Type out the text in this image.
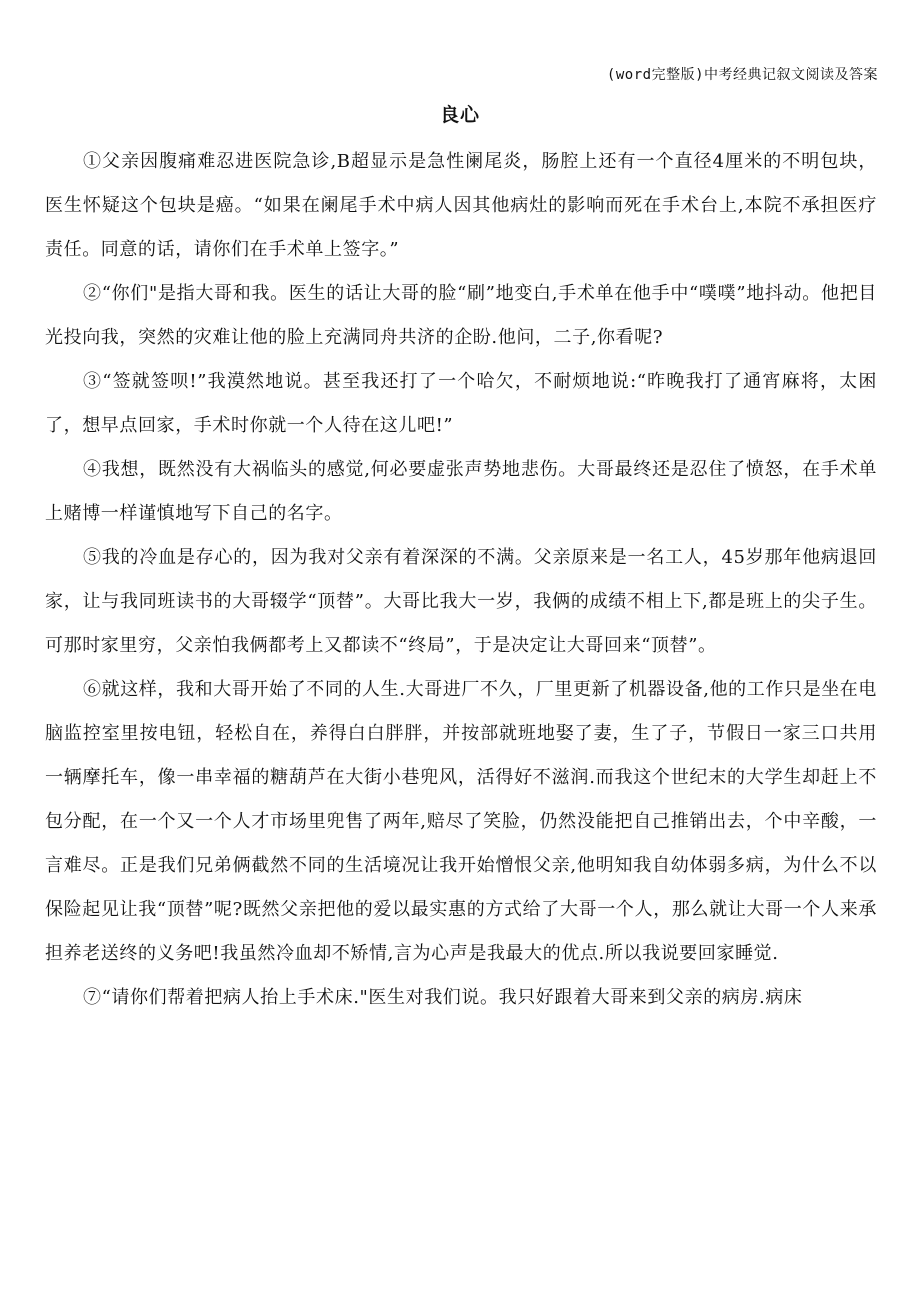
(word完整版)中考经典记叙文阅读及答案
良心

①父亲因腹痛难忍进医院急诊,B超显示是急性阑尾炎，肠腔上还有一个直径4厘米的不明包块，医生怀疑这个包块是癌。“如果在阑尾手术中病人因其他病灶的影响而死在手术台上,本院不承担医疗责任。同意的话，请你们在手术单上签字。”

②“你们"是指大哥和我。医生的话让大哥的脸“刷”地变白,手术单在他手中“噗噗”地抖动。他把目光投向我，突然的灾难让他的脸上充满同舟共济的企盼.他问，二子,你看呢?

③“签就签呗!”我漠然地说。甚至我还打了一个哈欠，不耐烦地说:“昨晚我打了通宵麻将，太困了，想早点回家，手术时你就一个人待在这儿吧!”

④我想，既然没有大祸临头的感觉,何必要虚张声势地悲伤。大哥最终还是忍住了愤怒，在手术单上赌博一样谨慎地写下自己的名字。

⑤我的冷血是存心的，因为我对父亲有着深深的不满。父亲原来是一名工人，45岁那年他病退回家，让与我同班读书的大哥辍学“顶替”。大哥比我大一岁，我俩的成绩不相上下,都是班上的尖子生。可那时家里穷，父亲怕我俩都考上又都读不“终局”，于是决定让大哥回来“顶替”。

⑥就这样，我和大哥开始了不同的人生.大哥进厂不久，厂里更新了机器设备,他的工作只是坐在电脑监控室里按电钮，轻松自在，养得白白胖胖，并按部就班地娶了妻，生了子，节假日一家三口共用一辆摩托车，像一串幸福的糖葫芦在大街小巷兜风，活得好不滋润.而我这个世纪末的大学生却赶上不包分配，在一个又一个人才市场里兜售了两年,赔尽了笑脸，仍然没能把自己推销出去，个中辛酸，一言难尽。正是我们兄弟俩截然不同的生活境况让我开始憎恨父亲,他明知我自幼体弱多病，为什么不以保险起见让我“顶替”呢?既然父亲把他的爱以最实惠的方式给了大哥一个人，那么就让大哥一个人来承担养老送终的义务吧!我虽然冷血却不矫情,言为心声是我最大的优点.所以我说要回家睡觉.

⑦“请你们帮着把病人抬上手术床."医生对我们说。我只好跟着大哥来到父亲的病房.病床
